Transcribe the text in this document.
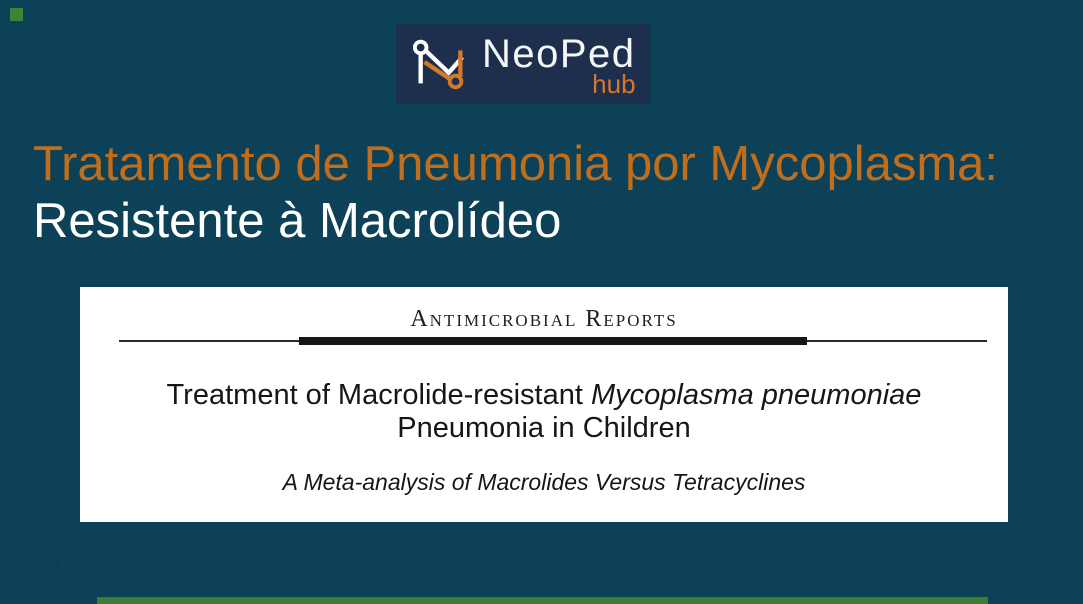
NeoPed
hub
Tratamento de Pneumonia por Mycoplasma:
Resistente à Macrolídeo
Antimicrobial Reports
Treatment of Macrolide-resistant Mycoplasma pneumoniae
Pneumonia in Children
A Meta-analysis of Macrolides Versus Tetracyclines
1
